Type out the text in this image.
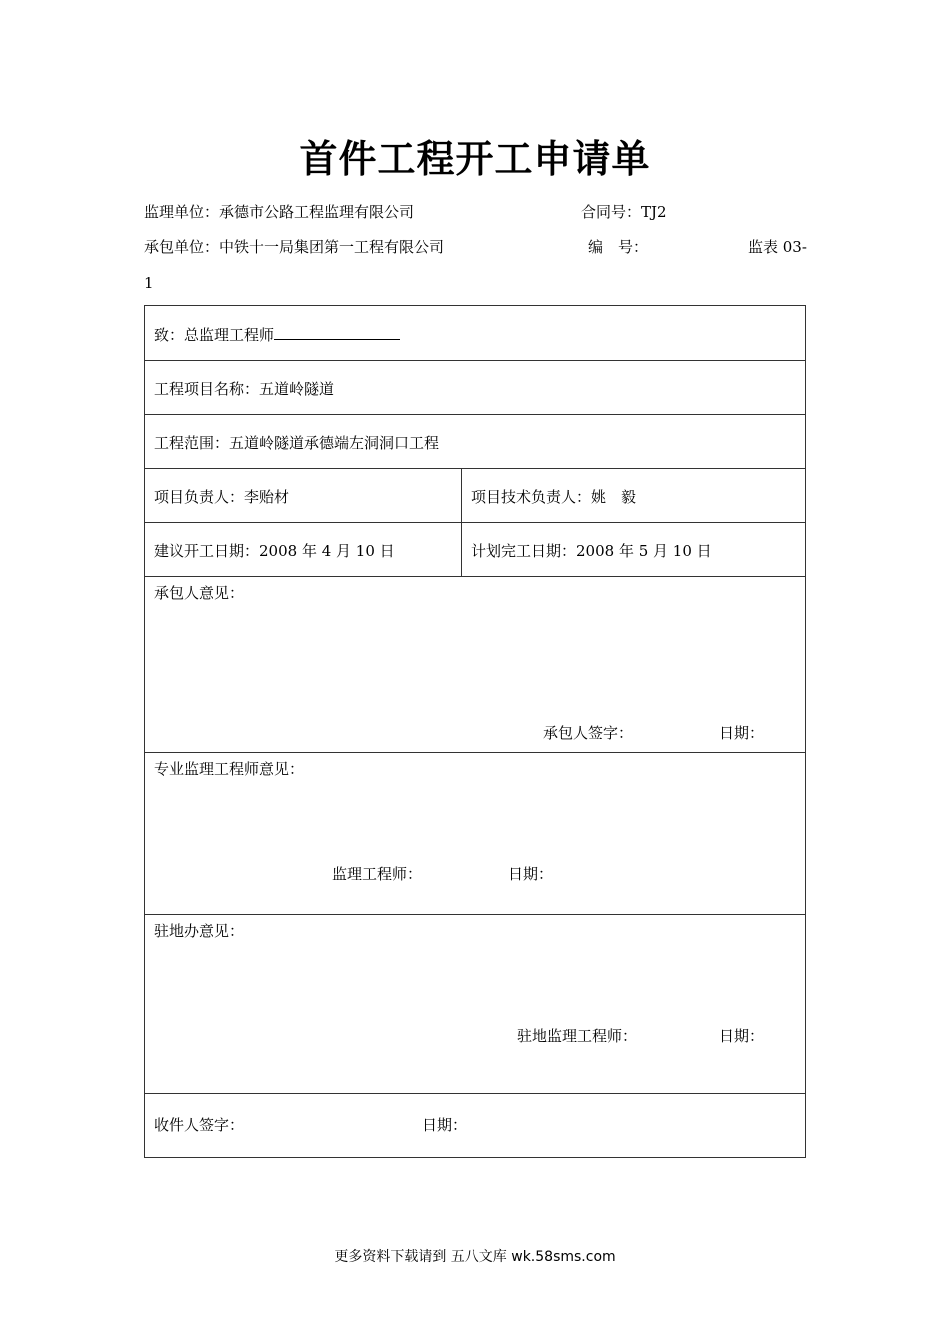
首件工程开工申请单
监理单位：承德市公路工程监理有限公司	合同号：TJ2
承包单位：中铁十一局集团第一工程有限公司	编　号：	监表 03-
1
致：总监理工程师
工程项目名称：五道岭隧道
工程范围：五道岭隧道承德端左洞洞口工程
项目负责人：李贻材	项目技术负责人：姚　毅
建议开工日期：2008 年 4 月 10 日	计划完工日期：2008 年 5 月 10 日
承包人意见：
承包人签字：	日期：
专业监理工程师意见：
监理工程师：	日期：
驻地办意见：
驻地监理工程师：	日期：
收件人签字：	日期：
更多资料下载请到 五八文库 wk.58sms.com
